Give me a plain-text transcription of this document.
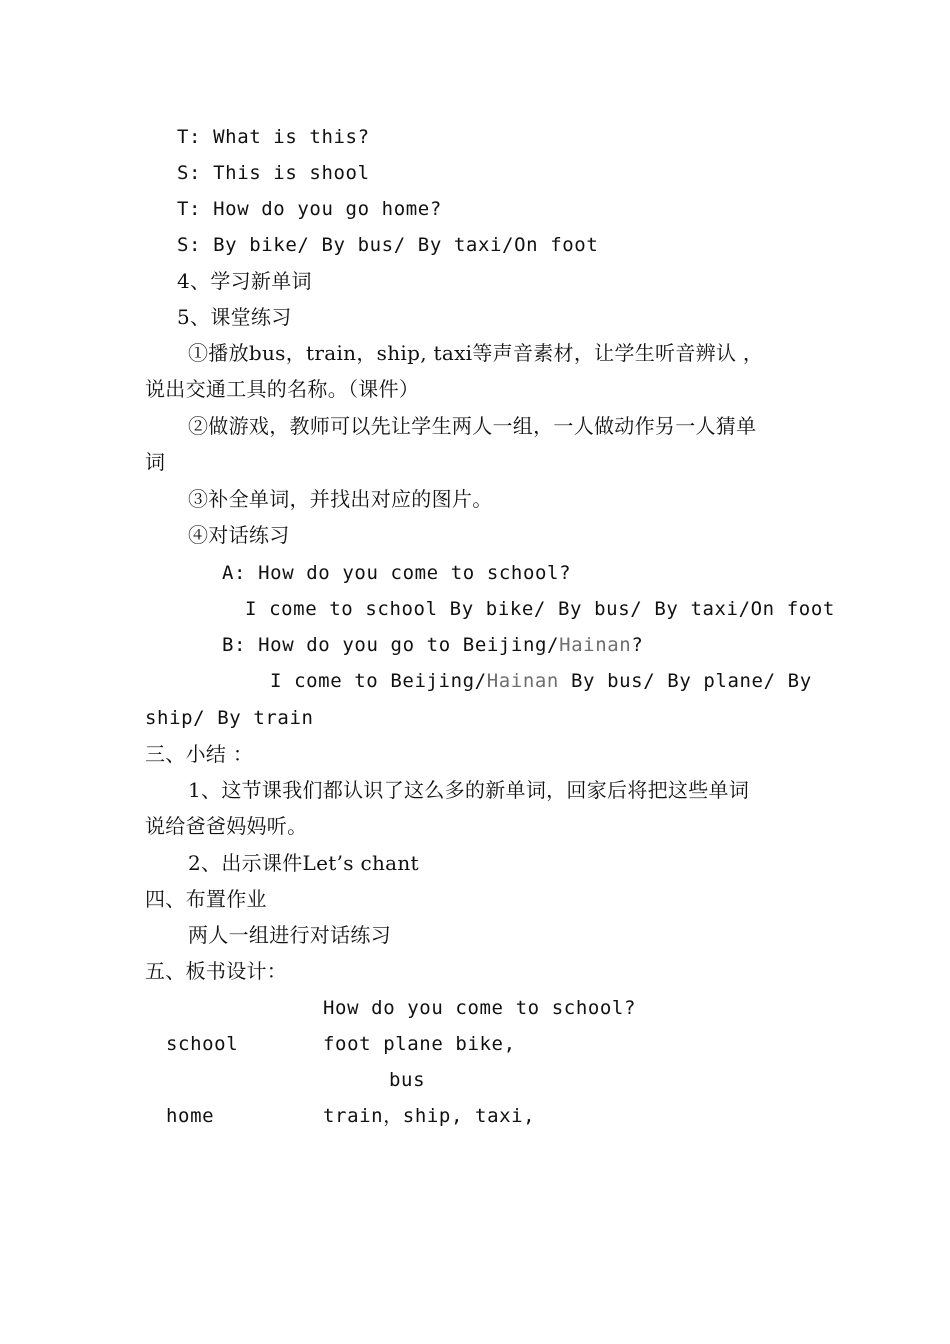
T: What is this?
S: This is shool
T: How do you go home?
S: By bike/ By bus/ By taxi/On foot
4、学习新单词
5、课堂练习
①播放bus，train，ship, taxi等声音素材，让学生听音辨认 ，
说出交通工具的名称。（课件）
②做游戏，教师可以先让学生两人一组，一人做动作另一人猜单
词
③补全单词，并找出对应的图片。
④对话练习
A: How do you come to school?
I come to school By bike/ By bus/ By taxi/On foot
B: How do you go to Beijing/Hainan?
I come to Beijing/Hainan By bus/ By plane/ By
ship/ By train
三、小结 ：
1、这节课我们都认识了这么多的新单词，回家后将把这些单词
说给爸爸妈妈听。
2、出示课件Let’s chant
四、布置作业
两人一组进行对话练习
五、板书设计：
How do you come to school?
school	foot plane bike,
bus
home	train，ship, taxi,
